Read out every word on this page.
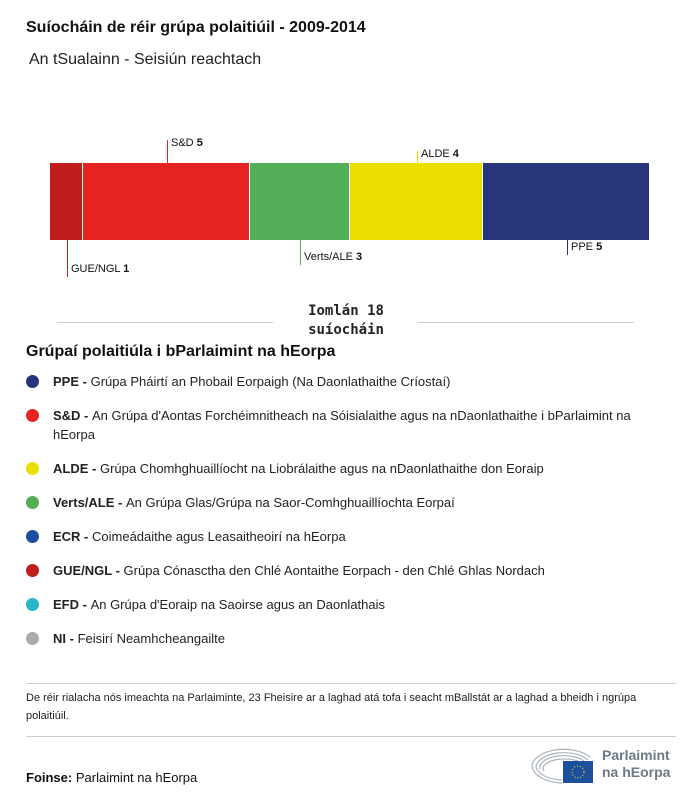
Suíocháin de réir grúpa polaitiúil - 2009-2014
An tSualainn - Seisiún reachtach
GUE/NGL 1
S&D 5
Verts/ALE 3
ALDE 4
PPE 5
Iomlán 18
suíocháin
Grúpaí polaitiúla i bParlaimint na hEorpa
PPE - Grúpa Pháirtí an Phobail Eorpaigh (Na Daonlathaithe Críostaí)
S&D - An Grúpa d'Aontas Forchéimnitheach na Sóisialaithe agus na nDaonlathaithe i bParlaimint na hEorpa
ALDE - Grúpa Chomhghuaillíocht na Liobrálaithe agus na nDaonlathaithe don Eoraip
Verts/ALE - An Grúpa Glas/Grúpa na Saor-Comhghuaillíochta Eorpaí
ECR - Coimeádaithe agus Leasaitheoirí na hEorpa
GUE/NGL - Grúpa Cónasctha den Chlé Aontaithe Eorpach - den Chlé Ghlas Nordach
EFD - An Grúpa d'Eoraip na Saoirse agus an Daonlathais
NI - Feisirí Neamhcheangailte
De réir rialacha nós imeachta na Parlaiminte, 23 Fheisire ar a laghad atá tofa i seacht mBallstát ar a laghad a bheidh i ngrúpa polaitiúil.
Foinse: Parlaimint na hEorpa
Parlaimint
na hEorpa
